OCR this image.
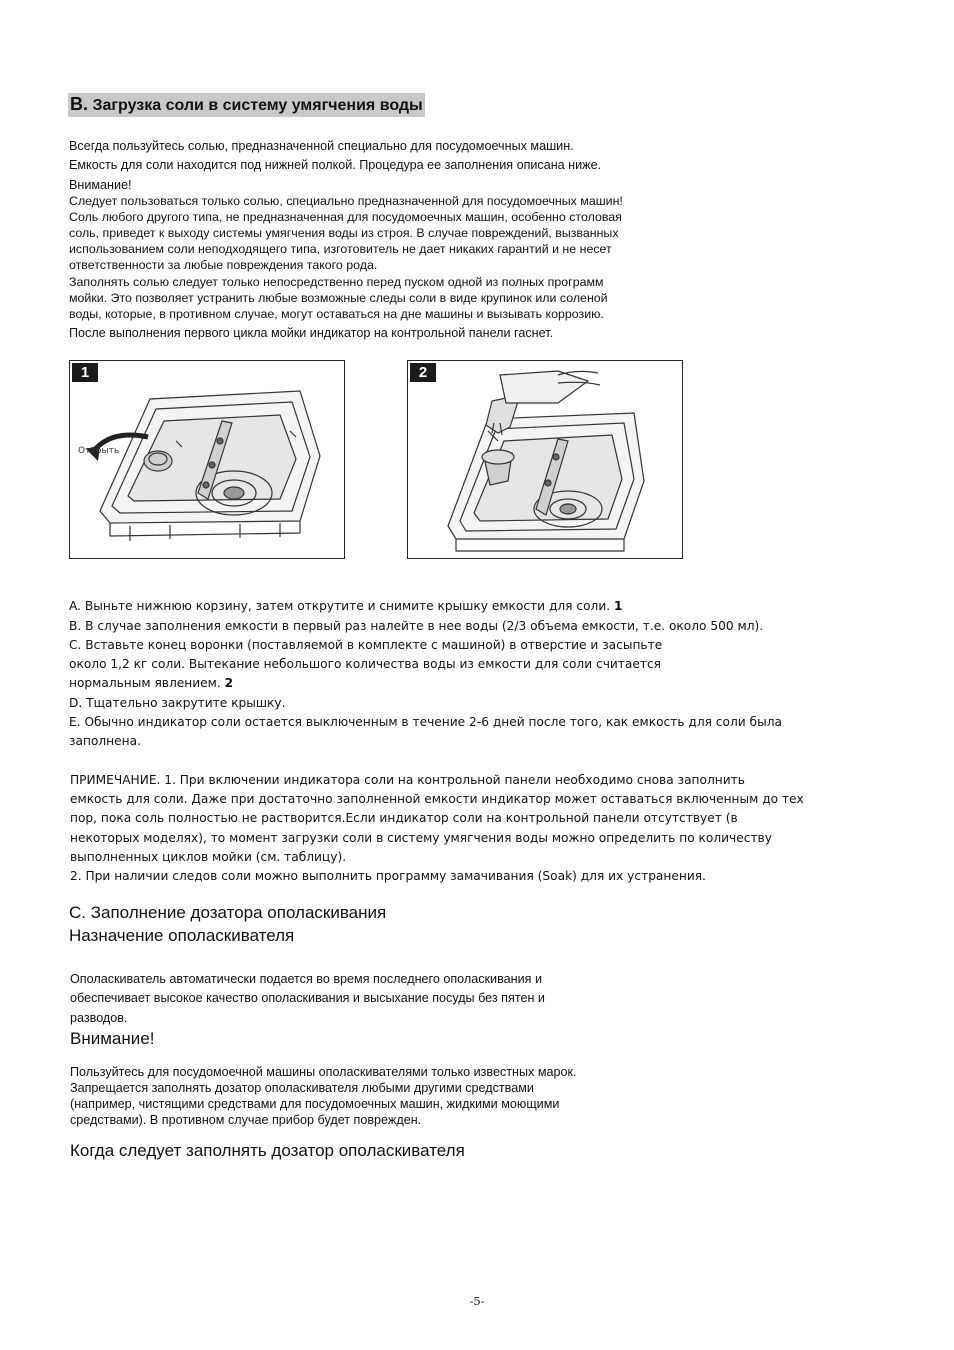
B. Загрузка соли в систему умягчения воды
Всегда пользуйтесь солью, предназначенной специально для посудомоечных машин.
Емкость для соли находится под нижней полкой. Процедура ее заполнения описана ниже.
Внимание!
Следует пользоваться только солью, специально предназначенной для посудомоечных машин!
Соль любого другого типа, не предназначенная для посудомоечных машин, особенно столовая
соль, приведет к выходу системы умягчения воды из строя. В случае повреждений, вызванных
использованием соли неподходящего типа, изготовитель не дает никаких гарантий и не несет
ответственности за любые повреждения такого рода.
Заполнять солью следует только непосредственно перед пуском одной из полных программ
мойки. Это позволяет устранить любые возможные следы соли в виде крупинок или соленой
воды, которые, в противном случае, могут оставаться на дне машины и вызывать коррозию.
После выполнения первого цикла мойки индикатор на контрольной панели гаснет.
1
Открыть
2
A. Выньте нижнюю корзину, затем открутите и снимите крышку емкости для соли. 1
B. В случае заполнения емкости в первый раз налейте в нее воды (2/3 объема емкости, т.е. около 500 мл).
C. Вставьте конец воронки (поставляемой в комплекте с машиной) в отверстие и засыпьте
около 1,2 кг соли. Вытекание небольшого количества воды из емкости для соли считается
нормальным явлением. 2
D. Тщательно закрутите крышку.
E. Обычно индикатор соли остается выключенным в течение 2-6 дней после того, как емкость для соли была
заполнена.
ПРИМЕЧАНИЕ. 1. При включении индикатора соли на контрольной панели необходимо снова заполнить
емкость для соли. Даже при достаточно заполненной емкости индикатор может оставаться включенным до тех
пор, пока соль полностью не растворится.Если индикатор соли на контрольной панели отсутствует (в
некоторых моделях), то момент загрузки соли в систему умягчения воды можно определить по количеству
выполненных циклов мойки (см. таблицу).
2. При наличии следов соли можно выполнить программу замачивания (Soak) для их устранения.
C. Заполнение дозатора ополаскивания
Назначение ополаскивателя
Ополаскиватель автоматически подается во время последнего ополаскивания и
обеспечивает высокое качество ополаскивания и высыхание посуды без пятен и
разводов.
Внимание!
Пользуйтесь для посудомоечной машины ополаскивателями только известных марок.
Запрещается заполнять дозатор ополаскивателя любыми другими средствами
(например, чистящими средствами для посудомоечных машин, жидкими моющими
средствами). В противном случае прибор будет поврежден.
Когда следует заполнять дозатор ополаскивателя
-5-
